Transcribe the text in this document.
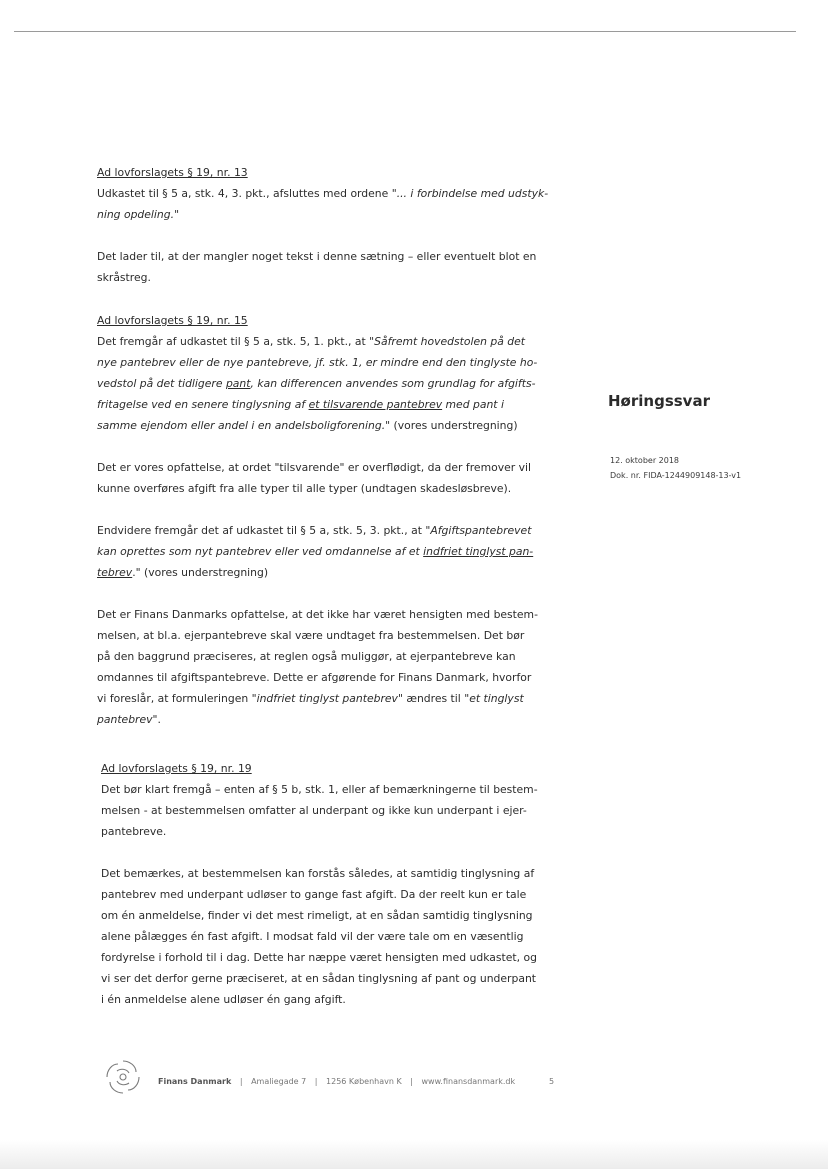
Ad lovforslagets § 19, nr. 13

Udkastet til § 5 a, stk. 4, 3. pkt., afsluttes med ordene "... i forbindelse med udstyk-
ning opdeling."

Det lader til, at der mangler noget tekst i denne sætning – eller eventuelt blot en
skråstreg.

Ad lovforslagets § 19, nr. 15

Det fremgår af udkastet til § 5 a, stk. 5, 1. pkt., at "Såfremt hovedstolen på det
nye pantebrev eller de nye pantebreve, jf. stk. 1, er mindre end den tinglyste ho-
vedstol på det tidligere pant, kan differencen anvendes som grundlag for afgifts-
fritagelse ved en senere tinglysning af et tilsvarende pantebrev med pant i
samme ejendom eller andel i en andelsboligforening." (vores understregning)

Det er vores opfattelse, at ordet "tilsvarende" er overflødigt, da der fremover vil
kunne overføres afgift fra alle typer til alle typer (undtagen skadesløsbreve).

Endvidere fremgår det af udkastet til § 5 a, stk. 5, 3. pkt., at "Afgiftspantebrevet
kan oprettes som nyt pantebrev eller ved omdannelse af et indfriet tinglyst pan-
tebrev." (vores understregning)

Det er Finans Danmarks opfattelse, at det ikke har været hensigten med bestem-
melsen, at bl.a. ejerpantebreve skal være undtaget fra bestemmelsen. Det bør
på den baggrund præciseres, at reglen også muliggør, at ejerpantebreve kan
omdannes til afgiftspantebreve. Dette er afgørende for Finans Danmark, hvorfor
vi foreslår, at formuleringen "indfriet tinglyst pantebrev" ændres til "et tinglyst
pantebrev".

Ad lovforslagets § 19, nr. 19

Det bør klart fremgå – enten af § 5 b, stk. 1, eller af bemærkningerne til bestem-
melsen - at bestemmelsen omfatter al underpant og ikke kun underpant i ejer-
pantebreve.

Det bemærkes, at bestemmelsen kan forstås således, at samtidig tinglysning af
pantebrev med underpant udløser to gange fast afgift. Da der reelt kun er tale
om én anmeldelse, finder vi det mest rimeligt, at en sådan samtidig tinglysning
alene pålægges én fast afgift. I modsat fald vil der være tale om en væsentlig
fordyrelse i forhold til i dag. Dette har næppe været hensigten med udkastet, og
vi ser det derfor gerne præciseret, at en sådan tinglysning af pant og underpant
i én anmeldelse alene udløser én gang afgift.

Høringssvar
12. oktober 2018
Dok. nr. FIDA-1244909148-13-v1
Finans Danmark | Amaliegade 7 | 1256 København K | www.finansdanmark.dk	5
